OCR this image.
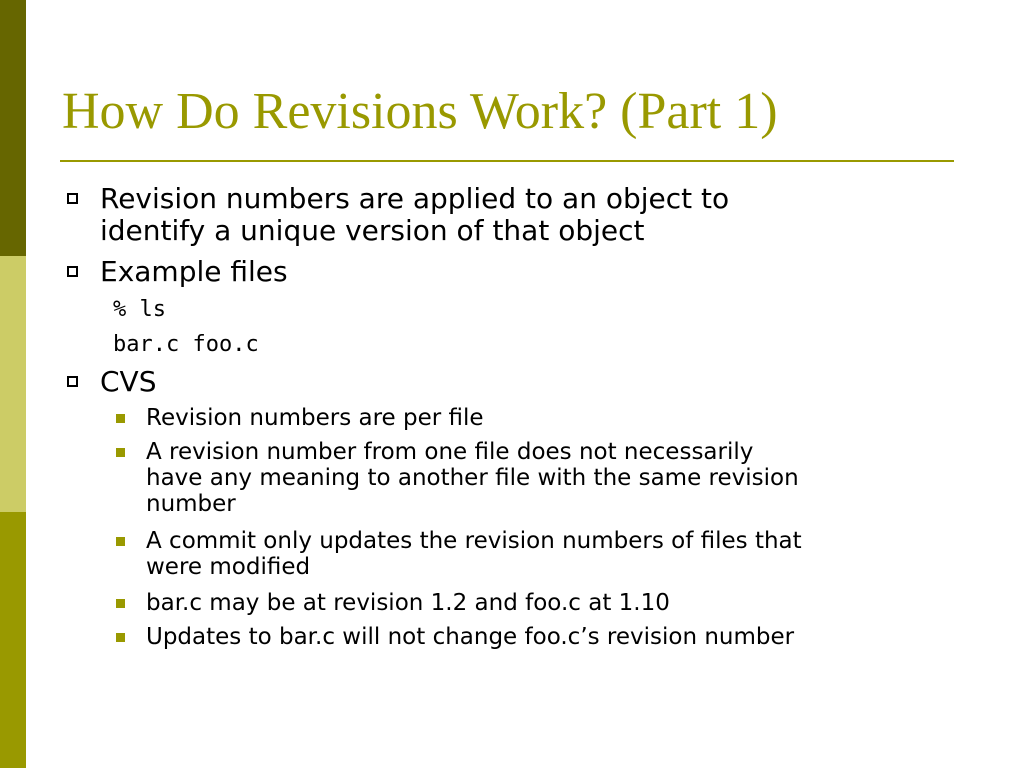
How Do Revisions Work? (Part 1)
Revision numbers are applied to an object to
identify a unique version of that object
Example files
% ls
bar.c foo.c
CVS
Revision numbers are per file
A revision number from one file does not necessarily
have any meaning to another file with the same revision
number
A commit only updates the revision numbers of files that
were modified
bar.c may be at revision 1.2 and foo.c at 1.10
Updates to bar.c will not change foo.c’s revision number
